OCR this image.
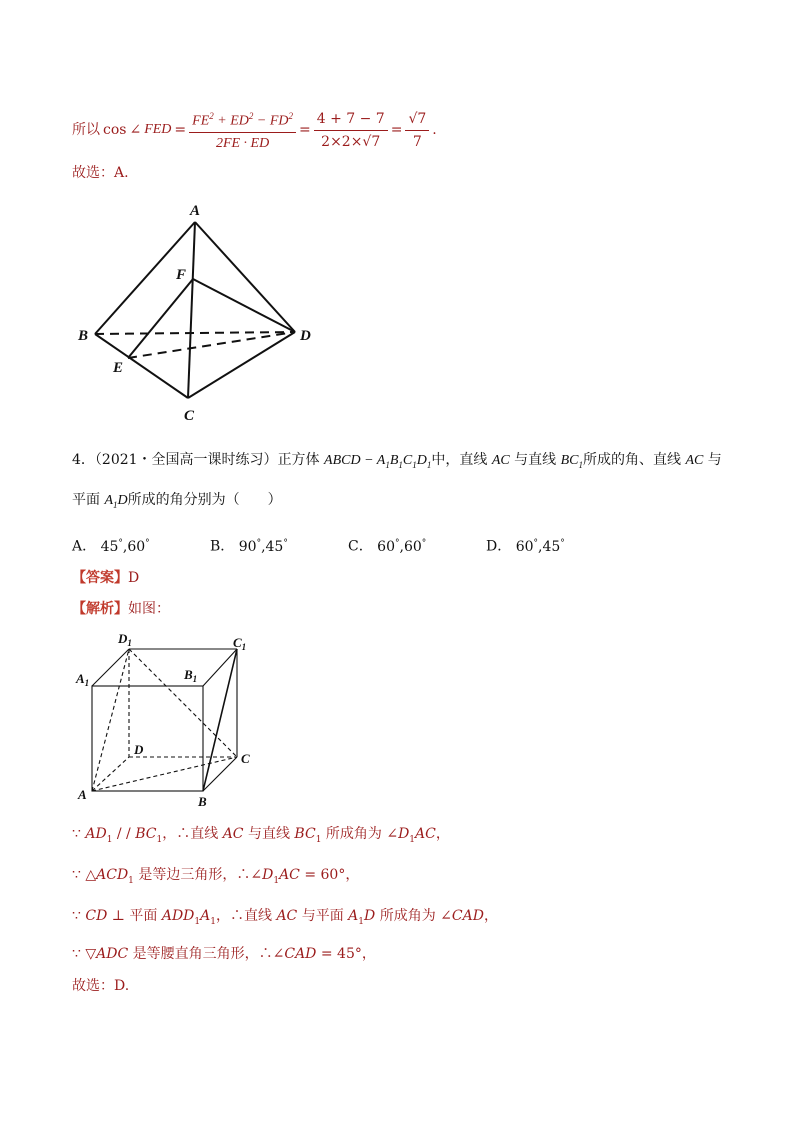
所以 cos ∠ FED = $\frac{FE^2 + ED^2 - FD^2}{2FE \cdot ED} = \frac{4 + 7 - 7}{2\times 2\times√7} = \frac{√7}{7}$ .
故选：A.
A
F
B	D
E
C
4．（2021・全国高一课时练习）正方体 ABCD − $A_1B_1C_1D_1$中，直线 AC 与直线 $BC_1$所成的角、直线 AC 与
平面 $A_1D$所成的角分别为（　　）
A． 45°,60°	B． 90°,45°	C． 60°,60°	D． 60°,45°
【答案】D
【解析】如图：
$D_1$	$C_1$
$A_1$
$B_1$
D
C
A	B
∵ $AD_1$ / / $BC_1$，∴直线 AC 与直线 $BC_1$ 所成角为 $\angle D_1AC$，
∵ $\triangle ACD_1$ 是等边三角形，$\therefore\angle D_1AC = 60^\circ$，
∵ CD ⊥ 平面 $ADD_1A_1$，∴直线 AC 与平面 $A_1D$ 所成角为 ∠CAD，
∵ ▽ADC 是等腰直角三角形，∴∠CAD = 45°，
故选：D.
